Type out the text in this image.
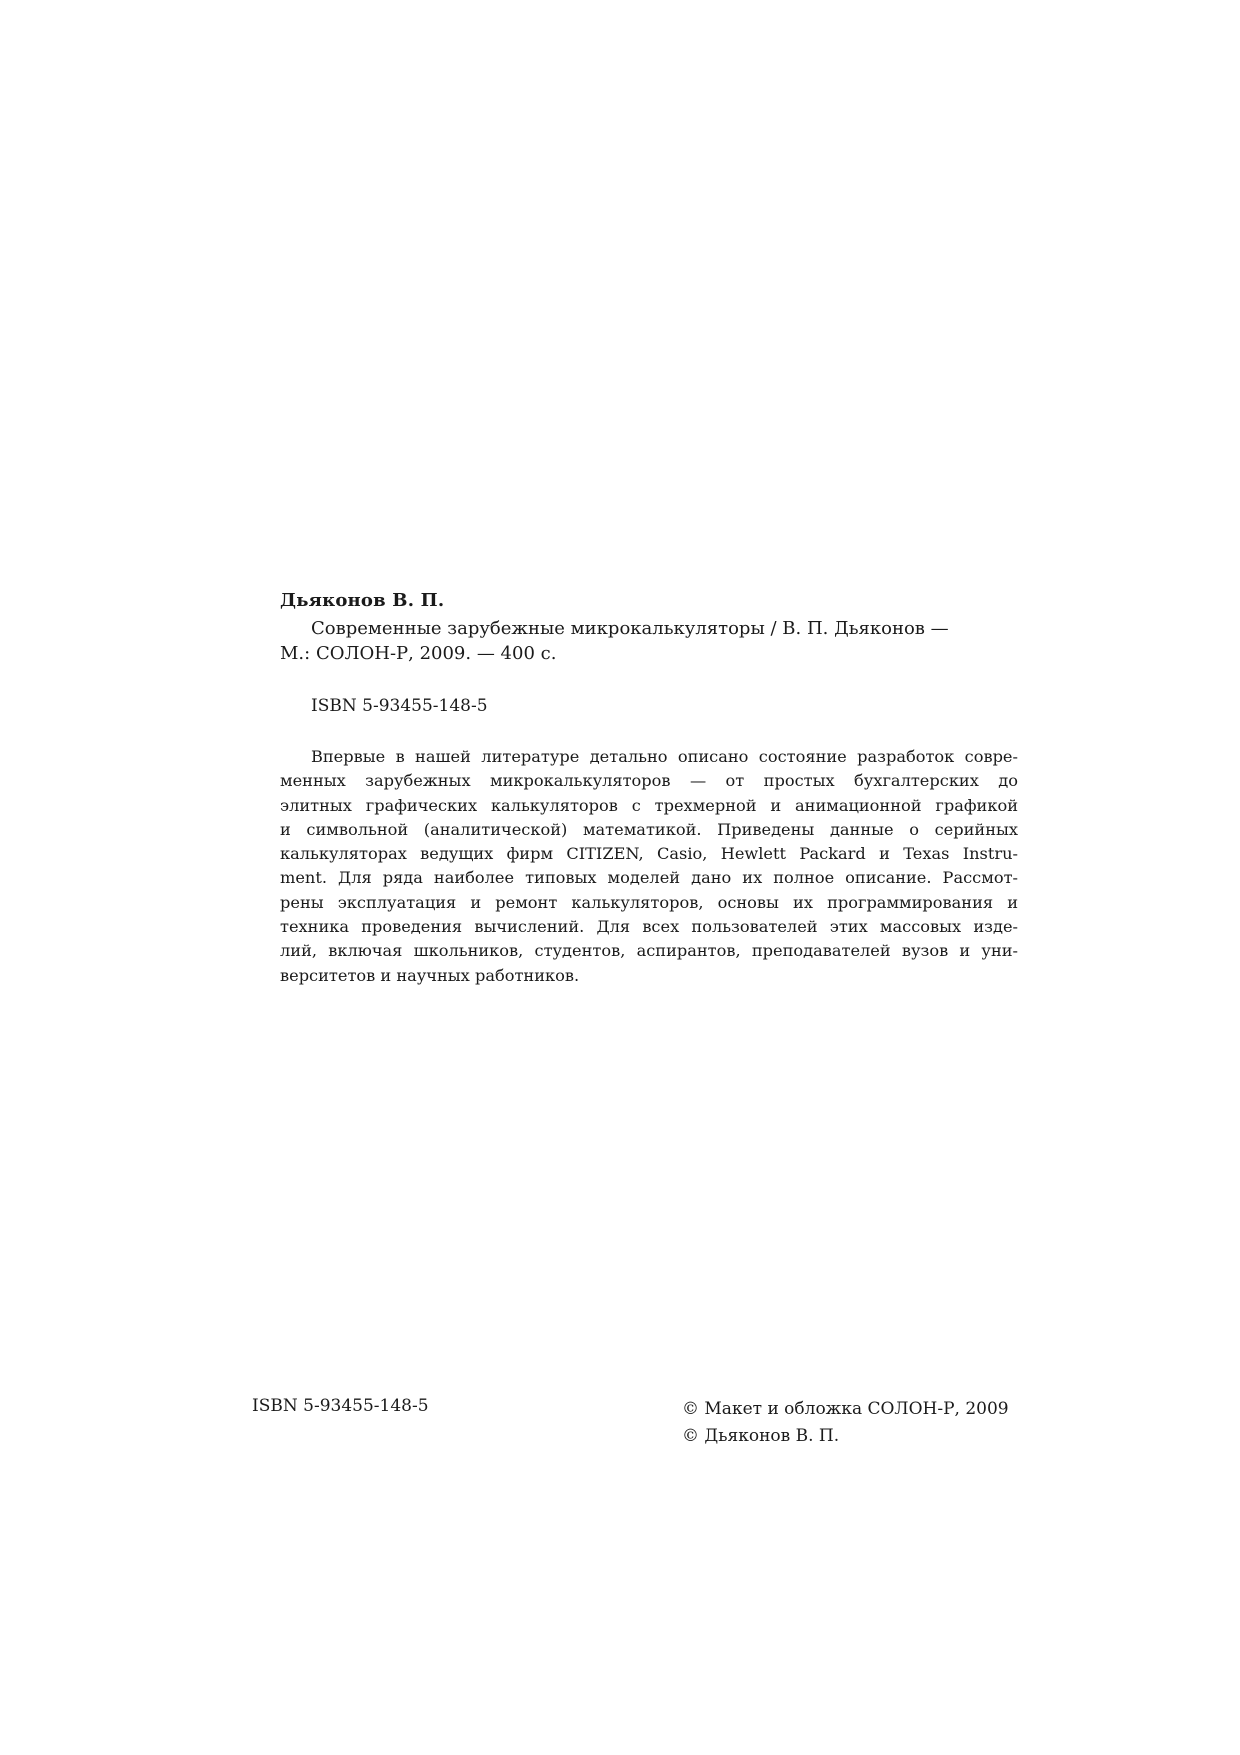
Дьяконов В. П.
Современные зарубежные микрокалькуляторы / В. П. Дьяконов —
М.: СОЛОН-Р, 2009. — 400 с.
ISBN 5-93455-148-5
Впервые в нашей литературе детально описано состояние разработок совре-
менных зарубежных микрокалькуляторов — от простых бухгалтерских до
элитных графических калькуляторов с трехмерной и анимационной графикой
и символьной (аналитической) математикой. Приведены данные о серийных
калькуляторах ведущих фирм CITIZEN, Casio, Hewlett Packard и Texas Instru-
ment. Для ряда наиболее типовых моделей дано их полное описание. Рассмот-
рены эксплуатация и ремонт калькуляторов, основы их программирования и
техника проведения вычислений. Для всех пользователей этих массовых изде-
лий, включая школьников, студентов, аспирантов, преподавателей вузов и уни-
верситетов и научных работников.
ISBN 5-93455-148-5	© Макет и обложка СОЛОН-Р, 2009
© Дьяконов В. П.
